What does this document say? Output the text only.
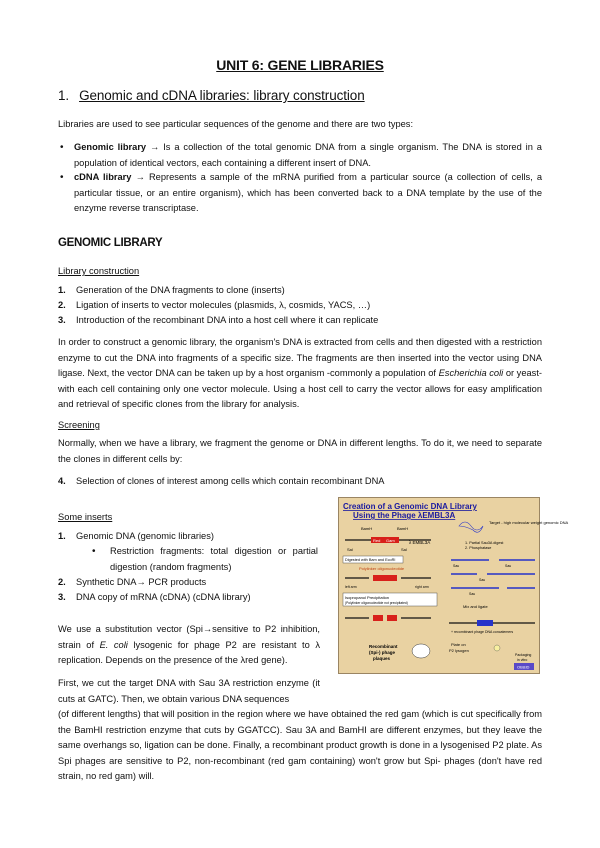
UNIT 6: GENE LIBRARIES
1. Genomic and cDNA libraries: library construction
Libraries are used to see particular sequences of the genome and there are two types:
• Genomic library → Is a collection of the total genomic DNA from a single organism. The DNA is stored in a population of identical vectors, each containing a different insert of DNA.
• cDNA library → Represents a sample of the mRNA purified from a particular source (a collection of cells, a particular tissue, or an entire organism), which has been converted back to a DNA template by the use of the enzyme reverse transcriptase.
GENOMIC LIBRARY
Library construction
1. Generation of the DNA fragments to clone (inserts)
2. Ligation of inserts to vector molecules (plasmids, λ, cosmids, YACS, …)
3. Introduction of the recombinant DNA into a host cell where it can replicate
In order to construct a genomic library, the organism's DNA is extracted from cells and then digested with a restriction enzyme to cut the DNA into fragments of a specific size. The fragments are then inserted into the vector using DNA ligase. Next, the vector DNA can be taken up by a host organism -commonly a population of Escherichia coli or yeast- with each cell containing only one vector molecule. Using a host cell to carry the vector allows for easy amplification and retrieval of specific clones from the library for analysis.
Screening
Normally, when we have a library, we fragment the genome or DNA in different lengths. To do it, we need to separate the clones in different cells by:
4. Selection of clones of interest among cells which contain recombinant DNA
Some inserts
1. Genomic DNA (genomic libraries)
• Restriction fragments: total digestion or partial digestion (random fragments)
2. Synthetic DNA→ PCR products
3. DNA copy of mRNA (cDNA) (cDNA library)
We use a substitution vector (Spi→sensitive to P2 inhibition, strain of E. coli lysogenic for phage P2 are resistant to λ replication. Depends on the presence of the λred gene).
First, we cut the target DNA with Sau 3A restriction enzyme (it cuts at GATC). Then, we obtain various DNA sequences
(of different lengths) that will position in the region where we have obtained the red gam (which is cut specifically from the BamHI restriction enzyme that cuts by GGATCC). Sau 3A and BamHI are different enzymes, but they leave the same overhangs so, ligation can be done. Finally, a recombinant product growth is done in a lysogenised P2 plate. As Spi phages are sensitive to P2, non-recombinant (red gam containing) won't grow but Spi- phages (don't have red strain, no red gam) will.
Creation of a Genomic DNA Library
Using the Phage λEMBL3A
BamH	BamH
Red Gam	λ EMBL3A
Sal	Sal
Digested with Bam and EcoRI
Polylinker oligonucleotide
left arm	right arm
Isopropanol Precipitation
(Polylinker oligonucleotide not precipitated)
Target - high molecular weight genomic DNA
1. Partial Sau3A digest
2. Phosphatase
Sau	Sau
Sau
Sau
Mix and ligate
+ recombinant phage DNA concatemers
Recombinant
(Spi-) phage
plaques
Plate on
P2 lysogen
Packaging
in vitro
OB&ID
